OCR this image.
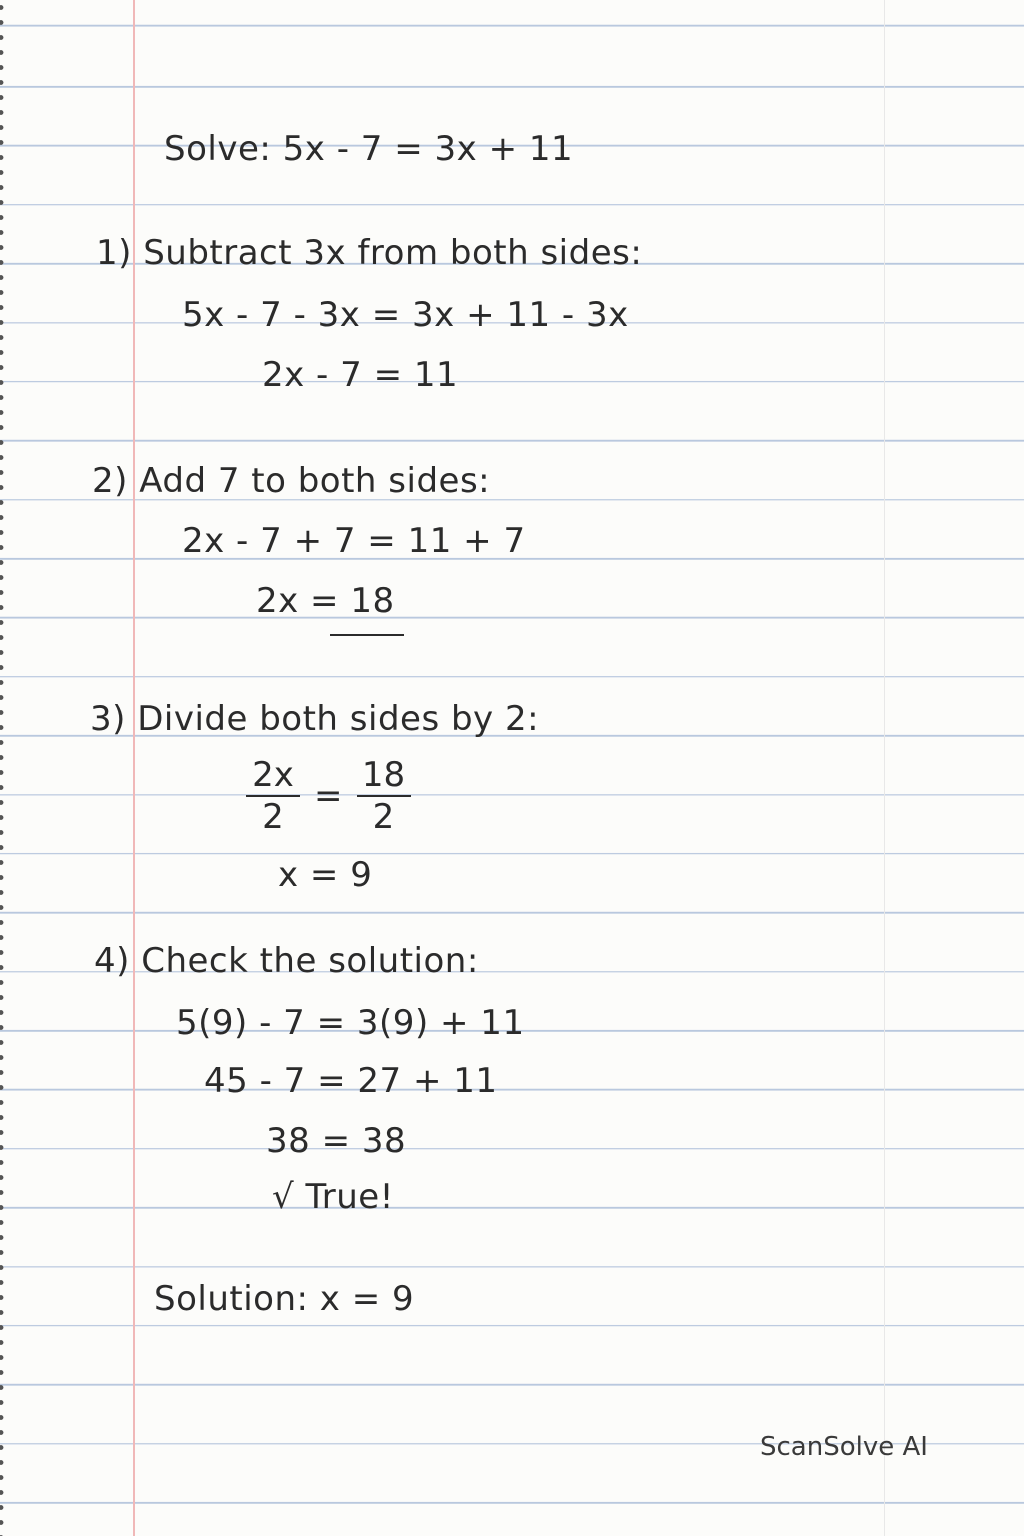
Solve: 5x - 7 = 3x + 11
1) Subtract 3x from both sides:
5x - 7 - 3x = 3x + 11 - 3x
2x - 7 = 11
2) Add 7 to both sides:
2x - 7 + 7 = 11 + 7
2x = 18
3) Divide both sides by 2:
2x
2
=
18
2
x = 9
4) Check the solution:
5(9) - 7 = 3(9) + 11
45 - 7 = 27 + 11
38 = 38
√ True!
Solution: x = 9
ScanSolve AI
